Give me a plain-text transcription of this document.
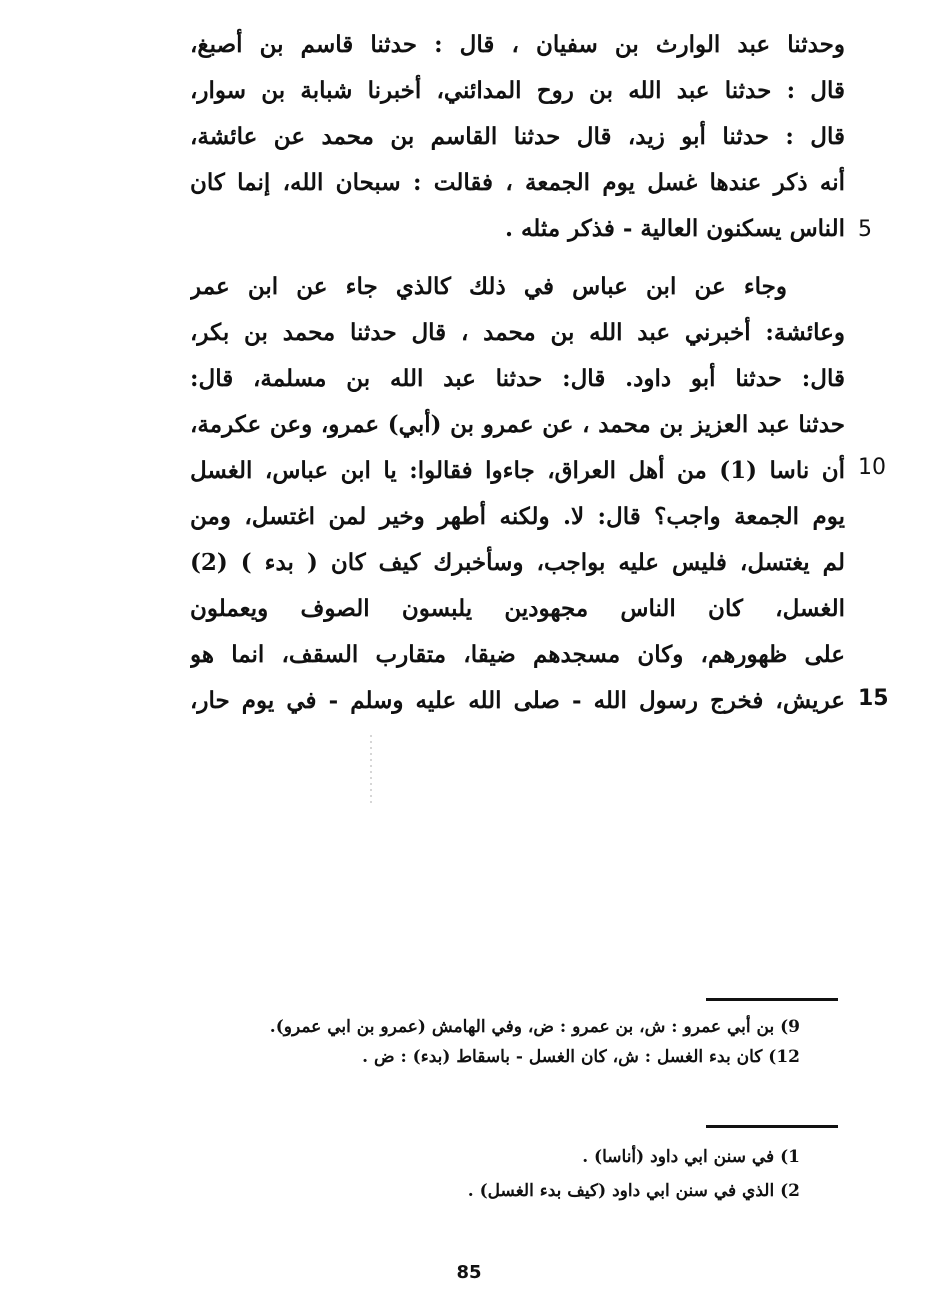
وحدثنا عبد الوارث بن سفيان ، قال : حدثنا قاسم بن أصبغ،
قال : حدثنا عبد الله بن روح المدائني، أخبرنا شبابة بن سوار،
قال : حدثنا أبو زيد، قال حدثنا القاسم بن محمد عن عائشة،
أنه ذكر عندها غسل يوم الجمعة ، فقالت : سبحان الله، إنما كان
الناس يسكنون العالية - فذكر مثله .
وجاء عن ابن عباس في ذلك كالذي جاء عن ابن عمر
وعائشة: أخبرني عبد الله بن محمد ، قال حدثنا محمد بن بكر،
قال: حدثنا أبو داود. قال: حدثنا عبد الله بن مسلمة، قال:
حدثنا عبد العزيز بن محمد ، عن عمرو بن (أبي) عمرو، وعن عكرمة،
أن ناسا (1) من أهل العراق، جاءوا فقالوا: يا ابن عباس، الغسل
يوم الجمعة واجب؟ قال: لا. ولكنه أطهر وخير لمن اغتسل، ومن
لم يغتسل، فليس عليه بواجب، وسأخبرك كيف كان ( بدء ) (2)
الغسل، كان الناس مجهودين يلبسون الصوف ويعملون
على ظهورهم، وكان مسجدهم ضيقا، متقارب السقف، انما هو
عريش، فخرج رسول الله - صلى الله عليه وسلم - في يوم حار،
5
10
15
9) بن أبي عمرو : ش، بن عمرو : ض، وفي الهامش (عمرو بن ابي عمرو).
12) كان بدء الغسل : ش، كان الغسل - باسقاط (بدء) : ض .
1) في سنن ابي داود (أناسا) .
2) الذي في سنن ابي داود (كيف بدء الغسل) .
85
